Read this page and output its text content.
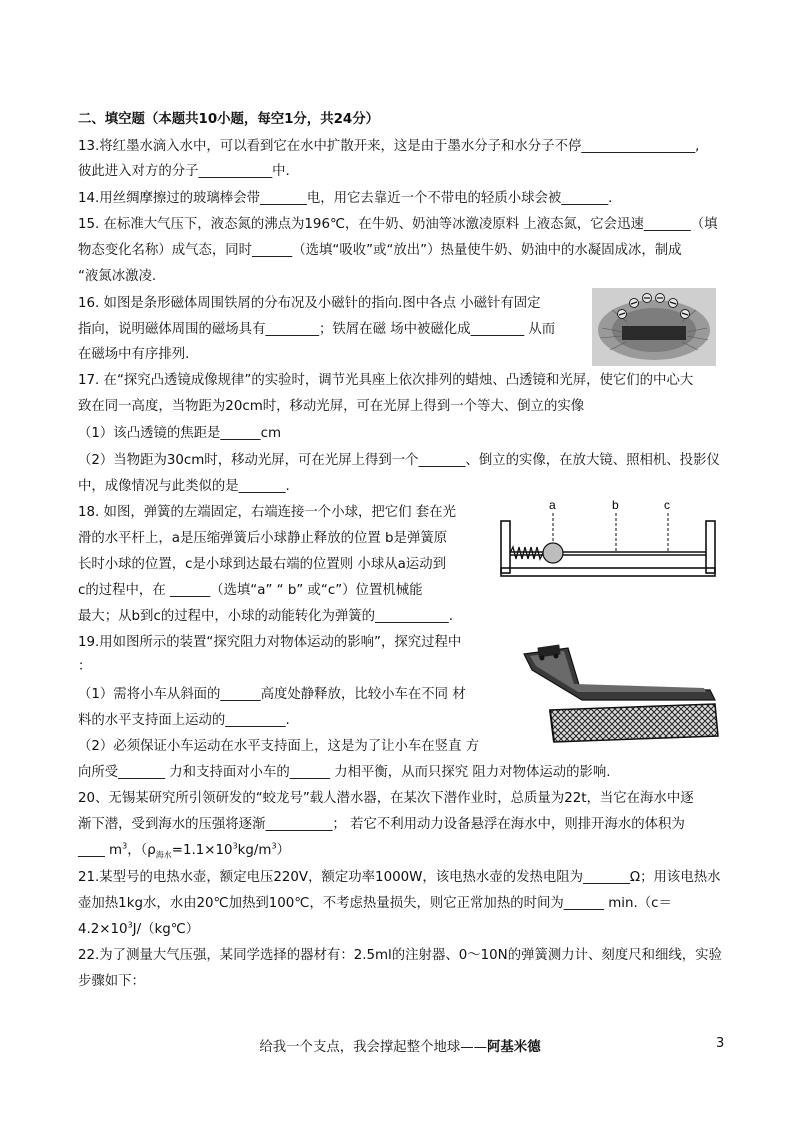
二、填空题（本题共10小题，每空1分，共24分）
13.将红墨水滴入水中，可以看到它在水中扩散开来，这是由于墨水分子和水分子不停_________________,
彼此进入对方的分子___________中.
14.用丝绸摩擦过的玻璃棒会带_______电，用它去靠近一个不带电的轻质小球会被_______.
15. 在标准大气压下，液态氮的沸点为196℃，在牛奶、奶油等冰激凌原料 上液态氮，它会迅速_______（填
物态变化名称）成气态，同时______（选填“吸收”或“放出”）热量使牛奶、奶油中的水凝固成冰，制成
“液氮冰激凌.
16. 如图是条形磁体周围铁屑的分布况及小磁针的指向.图中各点 小磁针有固定
指向，说明磁体周围的磁场具有________；铁屑在磁 场中被磁化成________ 从而
在磁场中有序排列.
17. 在“探究凸透镜成像规律”的实验时，调节光具座上依次排列的蜡烛、凸透镜和光屏，使它们的中心大
致在同一高度，当物距为20cm时，移动光屏，可在光屏上得到一个等大、倒立的实像
（1）该凸透镜的焦距是______cm
（2）当物距为30cm时，移动光屏，可在光屏上得到一个_______、倒立的实像，在放大镜、照相机、投影仪
中，成像情况与此类似的是_______.
18. 如图，弹簧的左端固定，右端连接一个小球，把它们 套在光
滑的水平杆上，a是压缩弹簧后小球静止释放的位置 b是弹簧原
长时小球的位置，c是小球到达最右端的位置则 小球从a运动到
c的过程中，在 ______（选填“a” “ b” 或“c”）位置机械能
最大；从b到c的过程中，小球的动能转化为弹簧的___________.
19.用如图所示的装置“探究阻力对物体运动的影响”，探究过程中
：
（1）需将小车从斜面的______高度处静释放，比较小车在不同 材
料的水平支持面上运动的_________.
（2）必须保证小车运动在水平支持面上，这是为了让小车在竖直 方
向所受_______ 力和支持面对小车的______ 力相平衡，从而只探究 阻力对物体运动的影响.
20、无锡某研究所引领研发的“蛟龙号”载人潜水器，在某次下潜作业时，总质量为22t，当它在海水中逐
渐下潜，受到海水的压强将逐渐__________； 若它不利用动力设备悬浮在海水中，则排开海水的体积为
____ $m^3$，$(\rho_{海水}=1.1\times 10^3kg/m^3)$
21.某型号的电热水壶，额定电压220V，额定功率1000W，该电热水壶的发热电阻为_______Ω；用该电热水
壶加热1kg水，水由20℃加热到100℃，不考虑热量损失，则它正常加热的时间为______ min.（c＝
$4.2\times 10^3J/(kg℃)$
22.为了测量大气压强，某同学选择的器材有：2.5ml的注射器、0～10N的弹簧测力计、刻度尺和细线，实验
步骤如下：
a	b	c
给我一个支点，我会撑起整个地球——阿基米德	3
